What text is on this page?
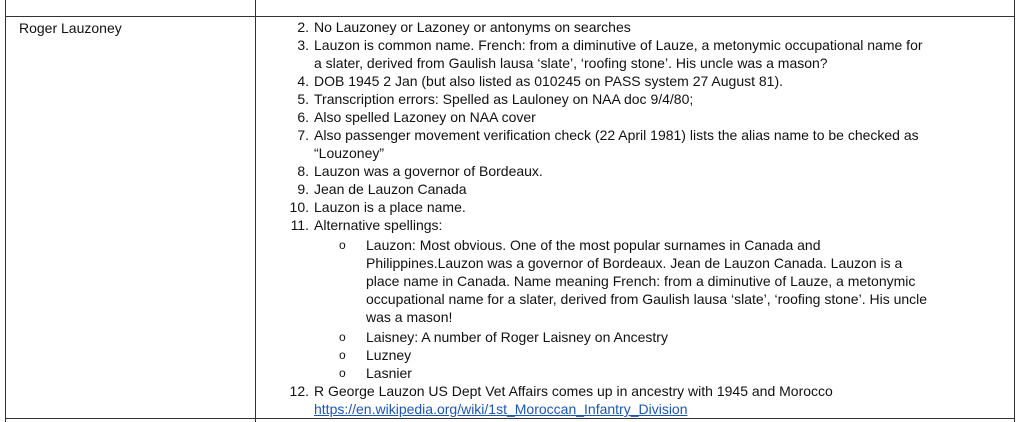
Roger Lauzoney	2. No Lauzoney or Lazoney or antonyms on searches
3. Lauzon is common name. French: from a diminutive of Lauze, a metonymic occupational name for
a slater, derived from Gaulish lausa ‘slate’, ‘roofing stone’. His uncle was a mason?
4. DOB 1945 2 Jan (but also listed as 010245 on PASS system 27 August 81).
5. Transcription errors: Spelled as Lauloney on NAA doc 9/4/80;
6. Also spelled Lazoney on NAA cover
7. Also passenger movement verification check (22 April 1981) lists the alias name to be checked as
“Louzoney”
8. Lauzon was a governor of Bordeaux.
9. Jean de Lauzon Canada
10. Lauzon is a place name.
11. Alternative spellings:
o Lauzon: Most obvious. One of the most popular surnames in Canada and
Philippines.Lauzon was a governor of Bordeaux. Jean de Lauzon Canada. Lauzon is a
place name in Canada. Name meaning French: from a diminutive of Lauze, a metonymic
occupational name for a slater, derived from Gaulish lausa ‘slate’, ‘roofing stone’. His uncle
was a mason!
o Laisney: A number of Roger Laisney on Ancestry
o Luzney
o Lasnier
12. R George Lauzon US Dept Vet Affairs comes up in ancestry with 1945 and Morocco
https://en.wikipedia.org/wiki/1st_Moroccan_Infantry_Division
